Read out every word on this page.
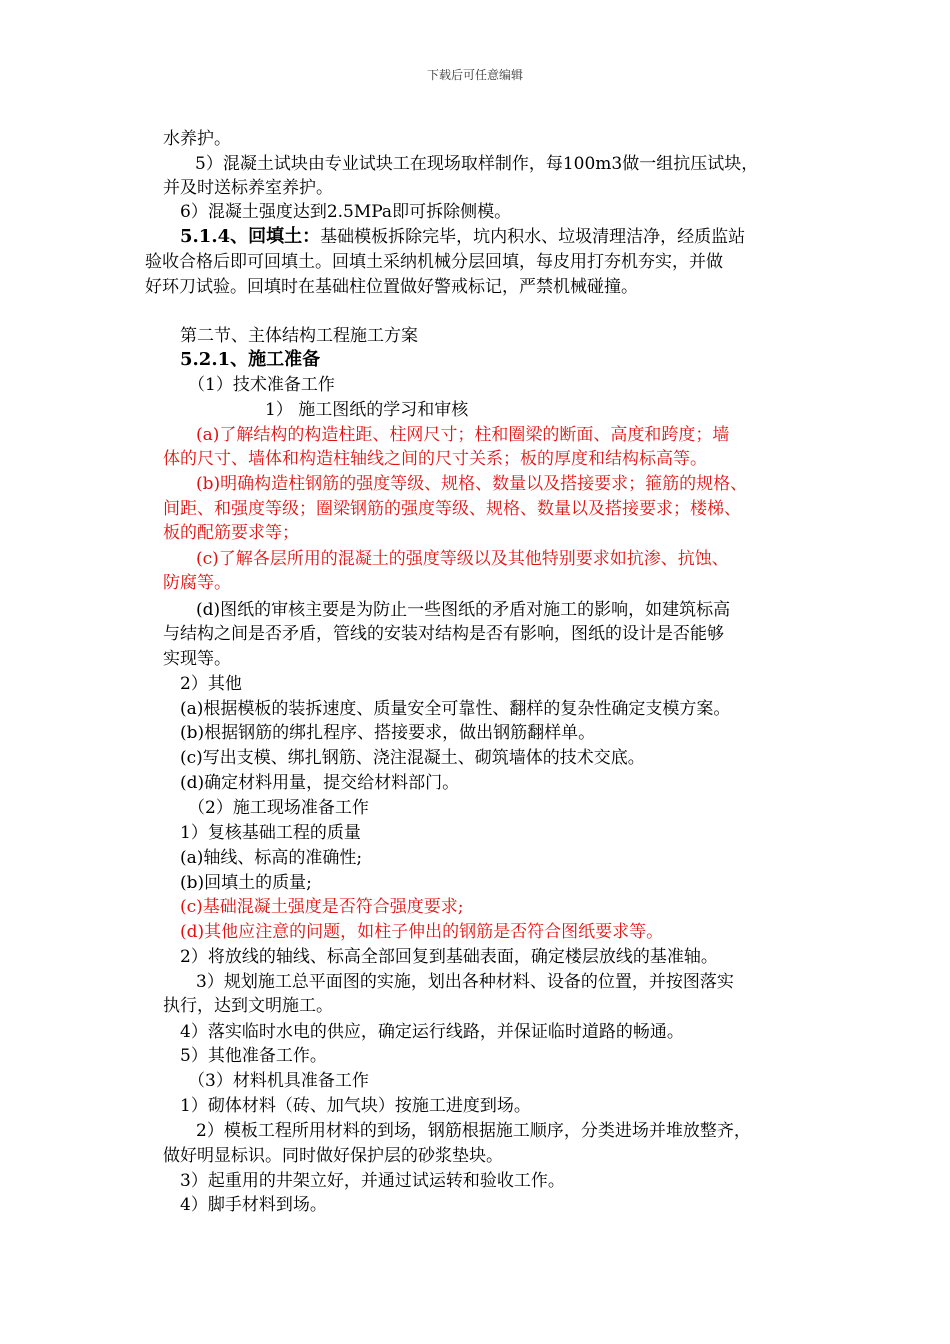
下载后可任意编辑
水养护。
5）混凝土试块由专业试块工在现场取样制作，每100m3做一组抗压试块，
并及时送标养室养护。
6）混凝土强度达到2.5MPa即可拆除侧模。
5.1.4、回填土：基础模板拆除完毕，坑内积水、垃圾清理洁净，经质监站
验收合格后即可回填土。回填土采纳机械分层回填，每皮用打夯机夯实，并做
好环刀试验。回填时在基础柱位置做好警戒标记，严禁机械碰撞。
第二节、主体结构工程施工方案
5.2.1、施工准备
（1）技术准备工作
1） 施工图纸的学习和审核
(a)了解结构的构造柱距、柱网尺寸；柱和圈梁的断面、高度和跨度；墙
体的尺寸、墙体和构造柱轴线之间的尺寸关系；板的厚度和结构标高等。
(b)明确构造柱钢筋的强度等级、规格、数量以及搭接要求；箍筋的规格、
间距、和强度等级；圈梁钢筋的强度等级、规格、数量以及搭接要求；楼梯、
板的配筋要求等；
(c)了解各层所用的混凝土的强度等级以及其他特别要求如抗渗、抗蚀、
防腐等。
(d)图纸的审核主要是为防止一些图纸的矛盾对施工的影响，如建筑标高
与结构之间是否矛盾，管线的安装对结构是否有影响，图纸的设计是否能够
实现等。
2）其他
(a)根据模板的装拆速度、质量安全可靠性、翻样的复杂性确定支模方案。
(b)根据钢筋的绑扎程序、搭接要求，做出钢筋翻样单。
(c)写出支模、绑扎钢筋、浇注混凝土、砌筑墙体的技术交底。
(d)确定材料用量，提交给材料部门。
（2）施工现场准备工作
1）复核基础工程的质量
(a)轴线、标高的准确性;
(b)回填土的质量;
(c)基础混凝土强度是否符合强度要求;
(d)其他应注意的问题，如柱子伸出的钢筋是否符合图纸要求等。
2）将放线的轴线、标高全部回复到基础表面，确定楼层放线的基准轴。
3）规划施工总平面图的实施，划出各种材料、设备的位置，并按图落实
执行，达到文明施工。
4）落实临时水电的供应，确定运行线路，并保证临时道路的畅通。
5）其他准备工作。
（3）材料机具准备工作
1）砌体材料（砖、加气块）按施工进度到场。
2）模板工程所用材料的到场，钢筋根据施工顺序，分类进场并堆放整齐，
做好明显标识。同时做好保护层的砂浆垫块。
3）起重用的井架立好，并通过试运转和验收工作。
4）脚手材料到场。
